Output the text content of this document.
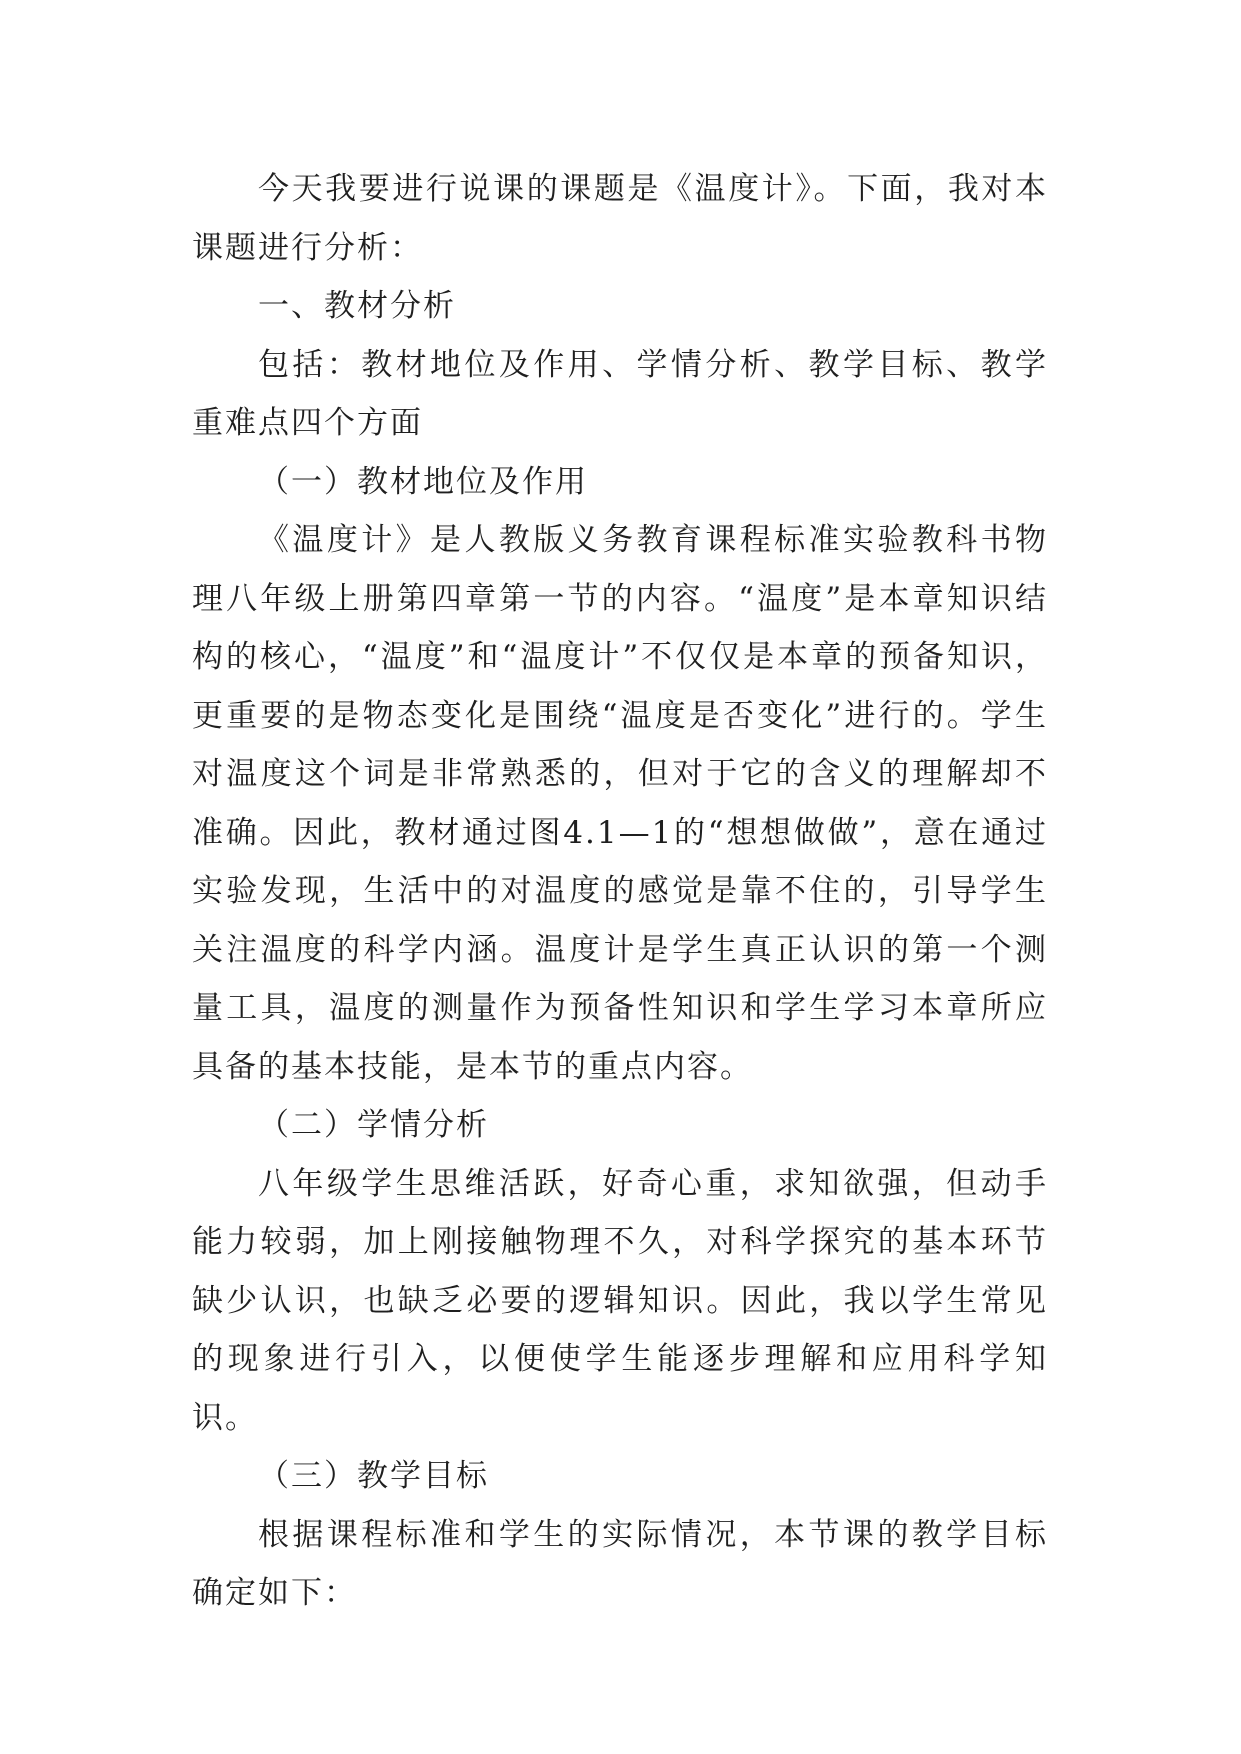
今天我要进行说课的课题是《温度计》。下面，我对本课题进行分析：

一、教材分析

包括：教材地位及作用、学情分析、教学目标、教学重难点四个方面

（一）教材地位及作用

《温度计》是人教版义务教育课程标准实验教科书物理八年级上册第四章第一节的内容。“温度”是本章知识结构的核心，“温度”和“温度计”不仅仅是本章的预备知识，更重要的是物态变化是围绕“温度是否变化”进行的。学生对温度这个词是非常熟悉的，但对于它的含义的理解却不准确。因此，教材通过图4.1—1的“想想做做”，意在通过实验发现，生活中的对温度的感觉是靠不住的，引导学生关注温度的科学内涵。温度计是学生真正认识的第一个测量工具，温度的测量作为预备性知识和学生学习本章所应具备的基本技能，是本节的重点内容。

（二）学情分析

八年级学生思维活跃，好奇心重，求知欲强，但动手能力较弱，加上刚接触物理不久，对科学探究的基本环节缺少认识，也缺乏必要的逻辑知识。因此，我以学生常见的现象进行引入，以便使学生能逐步理解和应用科学知识。

（三）教学目标

根据课程标准和学生的实际情况，本节课的教学目标确定如下：
